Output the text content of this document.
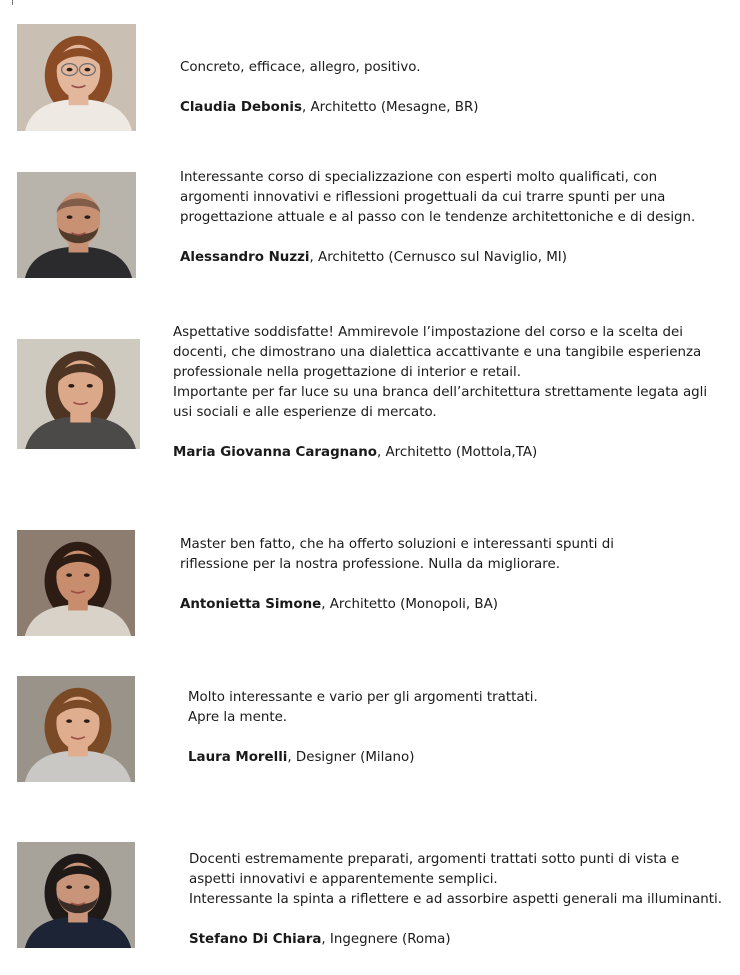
Concreto, efficace, allegro, positivo.

Claudia Debonis, Architetto (Mesagne, BR)

Interessante corso di specializzazione con esperti molto qualificati, con

argomenti innovativi e riflessioni progettuali da cui trarre spunti per una

progettazione attuale e al passo con le tendenze architettoniche e di design.

Alessandro Nuzzi, Architetto (Cernusco sul Naviglio, MI)

Aspettative soddisfatte! Ammirevole l’impostazione del corso e la scelta dei

docenti, che dimostrano una dialettica accattivante e una tangibile esperienza

professionale nella progettazione di interior e retail.

Importante per far luce su una branca dell’architettura strettamente legata agli

usi sociali e alle esperienze di mercato.

Maria Giovanna Caragnano, Architetto (Mottola,TA)

Master ben fatto, che ha offerto soluzioni e interessanti spunti di

riflessione per la nostra professione. Nulla da migliorare.

Antonietta Simone, Architetto (Monopoli, BA)

Molto interessante e vario per gli argomenti trattati.

Apre la mente.

Laura Morelli, Designer (Milano)

Docenti estremamente preparati, argomenti trattati sotto punti di vista e

aspetti innovativi e apparentemente semplici.

Interessante la spinta a riflettere e ad assorbire aspetti generali ma illuminanti.

Stefano Di Chiara, Ingegnere (Roma)
